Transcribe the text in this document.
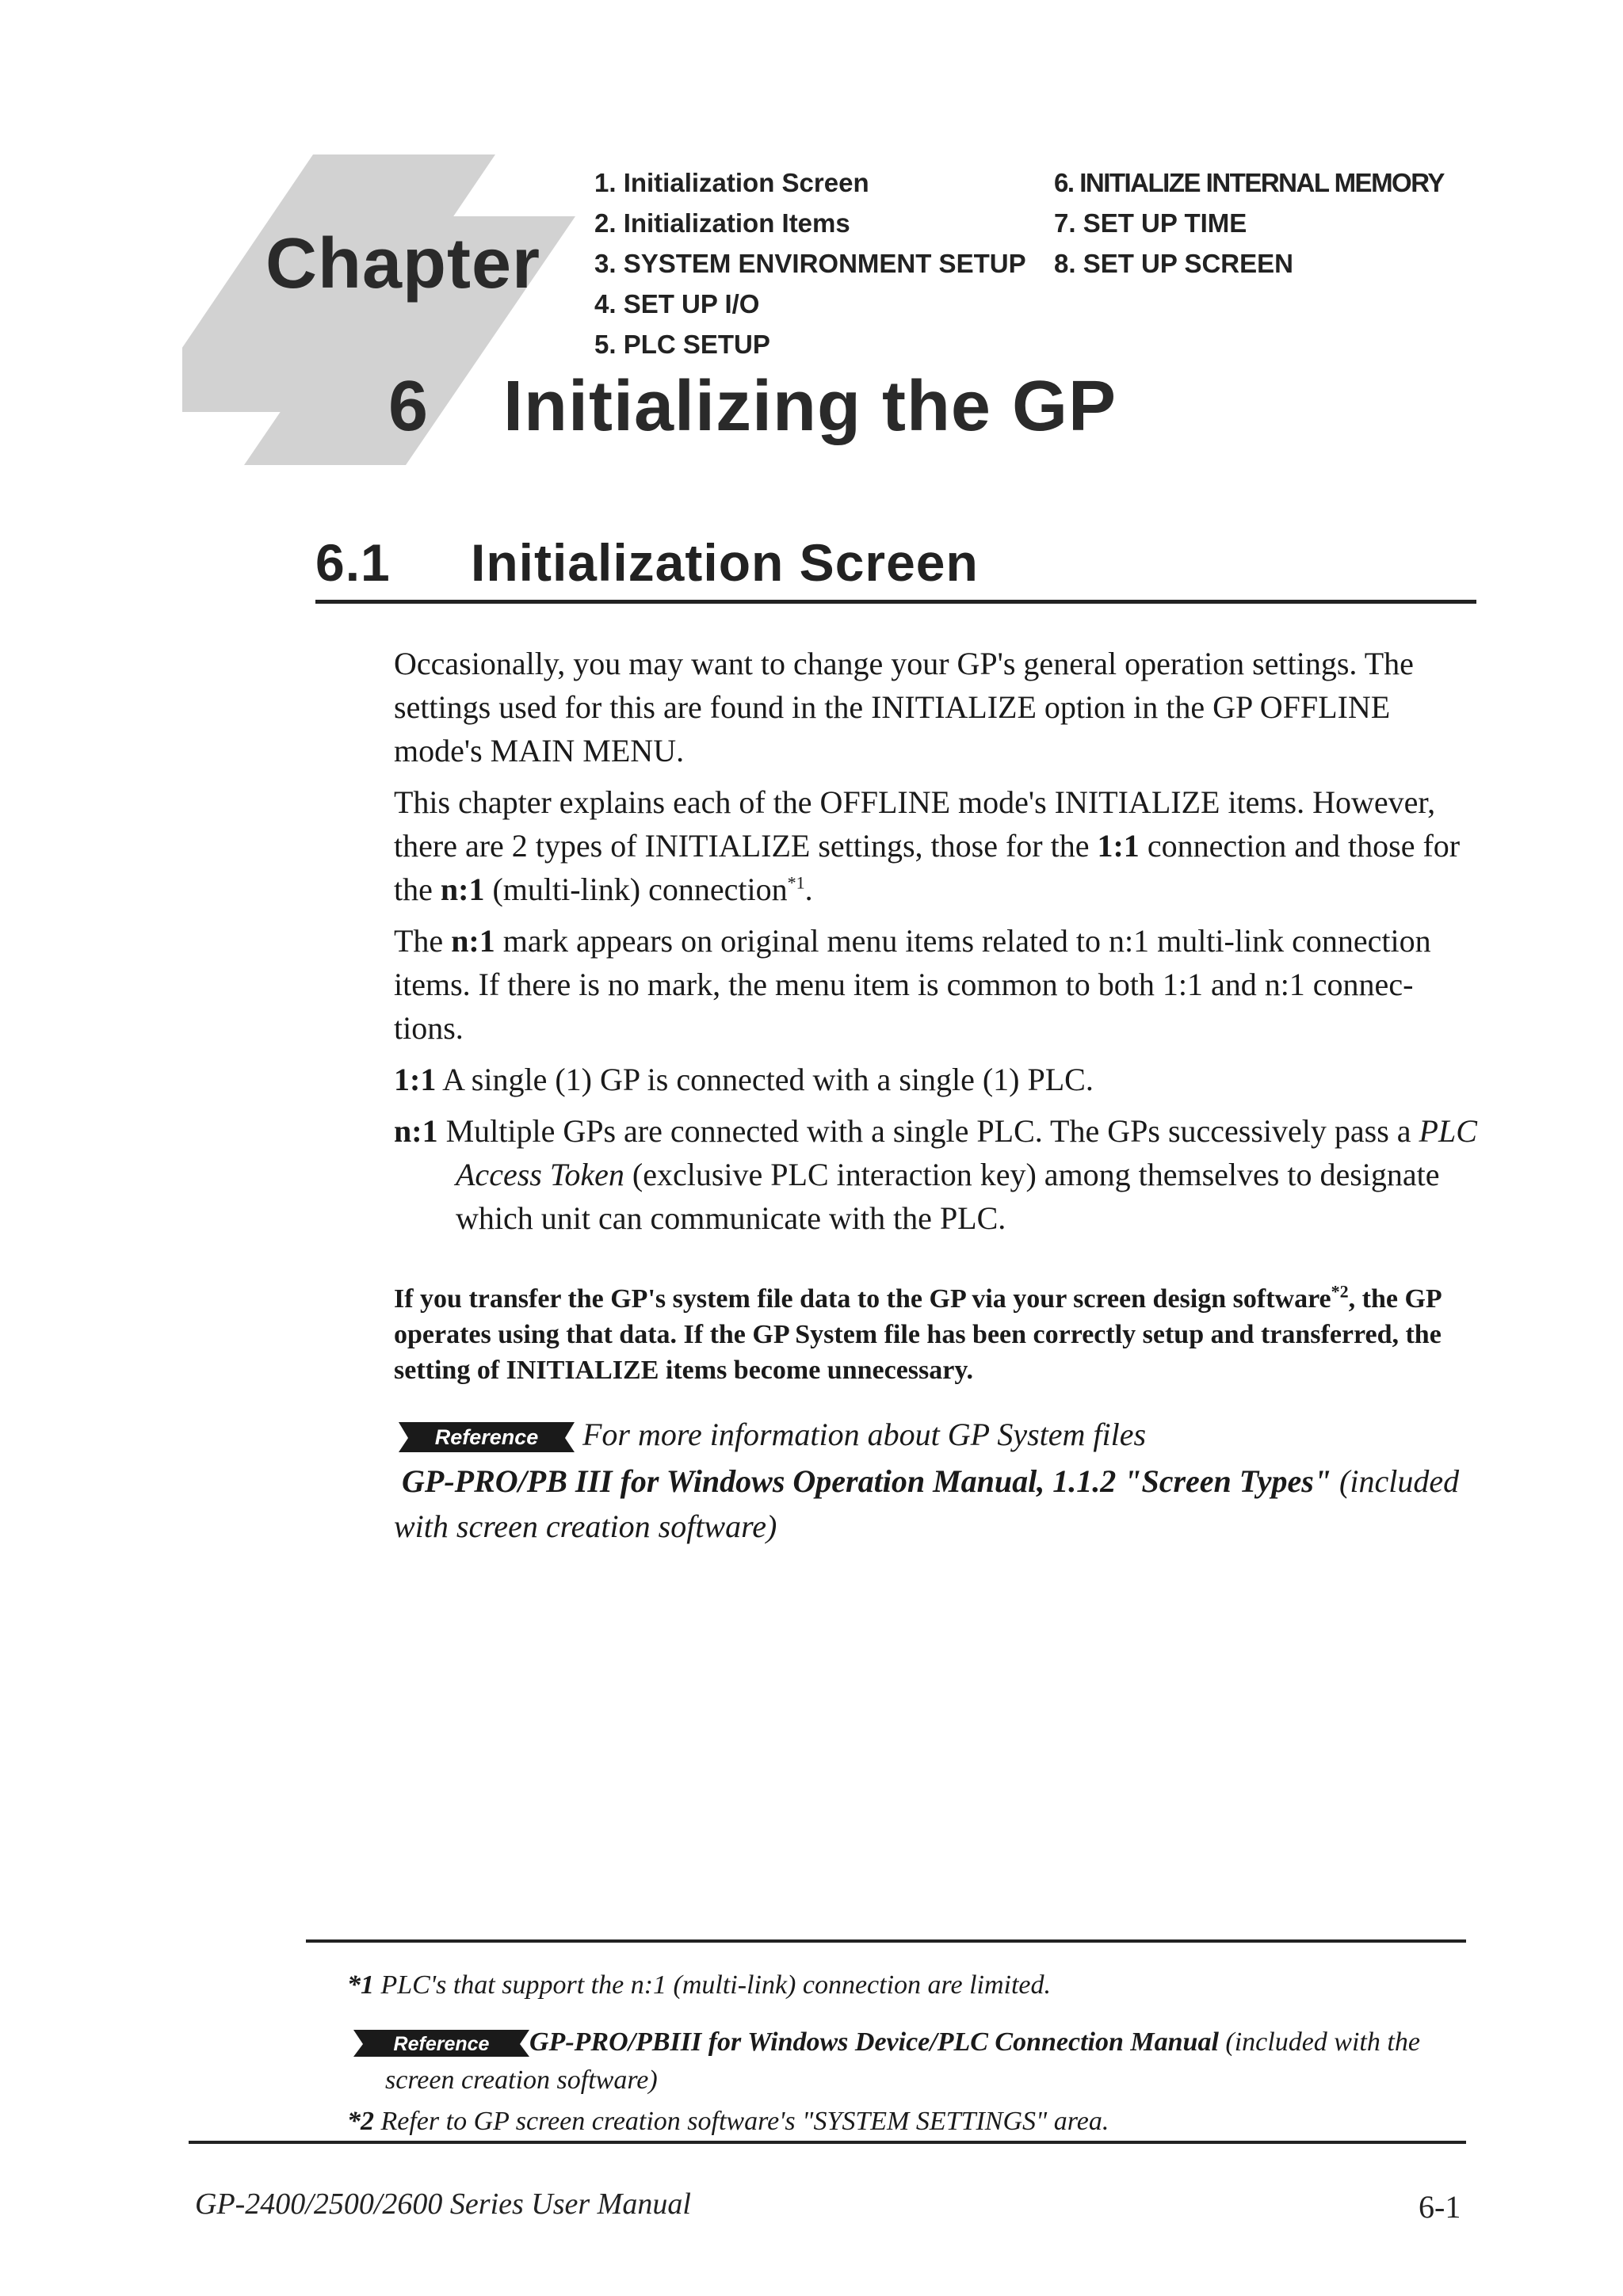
Chapter
6 Initializing the GP
1. Initialization Screen
2. Initialization Items
3. SYSTEM ENVIRONMENT SETUP
4. SET UP I/O
5. PLC SETUP
6. INITIALIZE INTERNAL MEMORY
7. SET UP TIME
8. SET UP SCREEN
6.1 Initialization Screen

Occasionally, you may want to change your GP's general operation settings. The settings used for this are found in the INITIALIZE option in the GP OFFLINE mode's MAIN MENU.

This chapter explains each of the OFFLINE mode's INITIALIZE items. However, there are 2 types of INITIALIZE settings, those for the 1:1 connection and those for the n:1 (multi-link) connection$^{*1}$.

The n:1 mark appears on original menu items related to n:1 multi-link connection items. If there is no mark, the menu item is common to both 1:1 and n:1 connec-tions.

1:1 A single (1) GP is connected with a single (1) PLC.

n:1 Multiple GPs are connected with a single PLC. The GPs successively pass a PLC Access Token (exclusive PLC interaction key) among themselves to designate which unit can communicate with the PLC.

If you transfer the GP's system file data to the GP via your screen design software$^{*2}$, the GP operates using that data. If the GP System file has been correctly setup and transferred, the setting of INITIALIZE items become unnecessary.
Reference For more information about GP System files
GP-PRO/PB III for Windows Operation Manual, 1.1.2 "Screen Types" (included with screen creation software)
*1 PLC's that support the n:1 (multi-link) connection are limited.
Reference GP-PRO/PBIII for Windows Device/PLC Connection Manual (included with the screen creation software)
*2 Refer to GP screen creation software's "SYSTEM SETTINGS" area.
GP-2400/2500/2600 Series User Manual	6-1
